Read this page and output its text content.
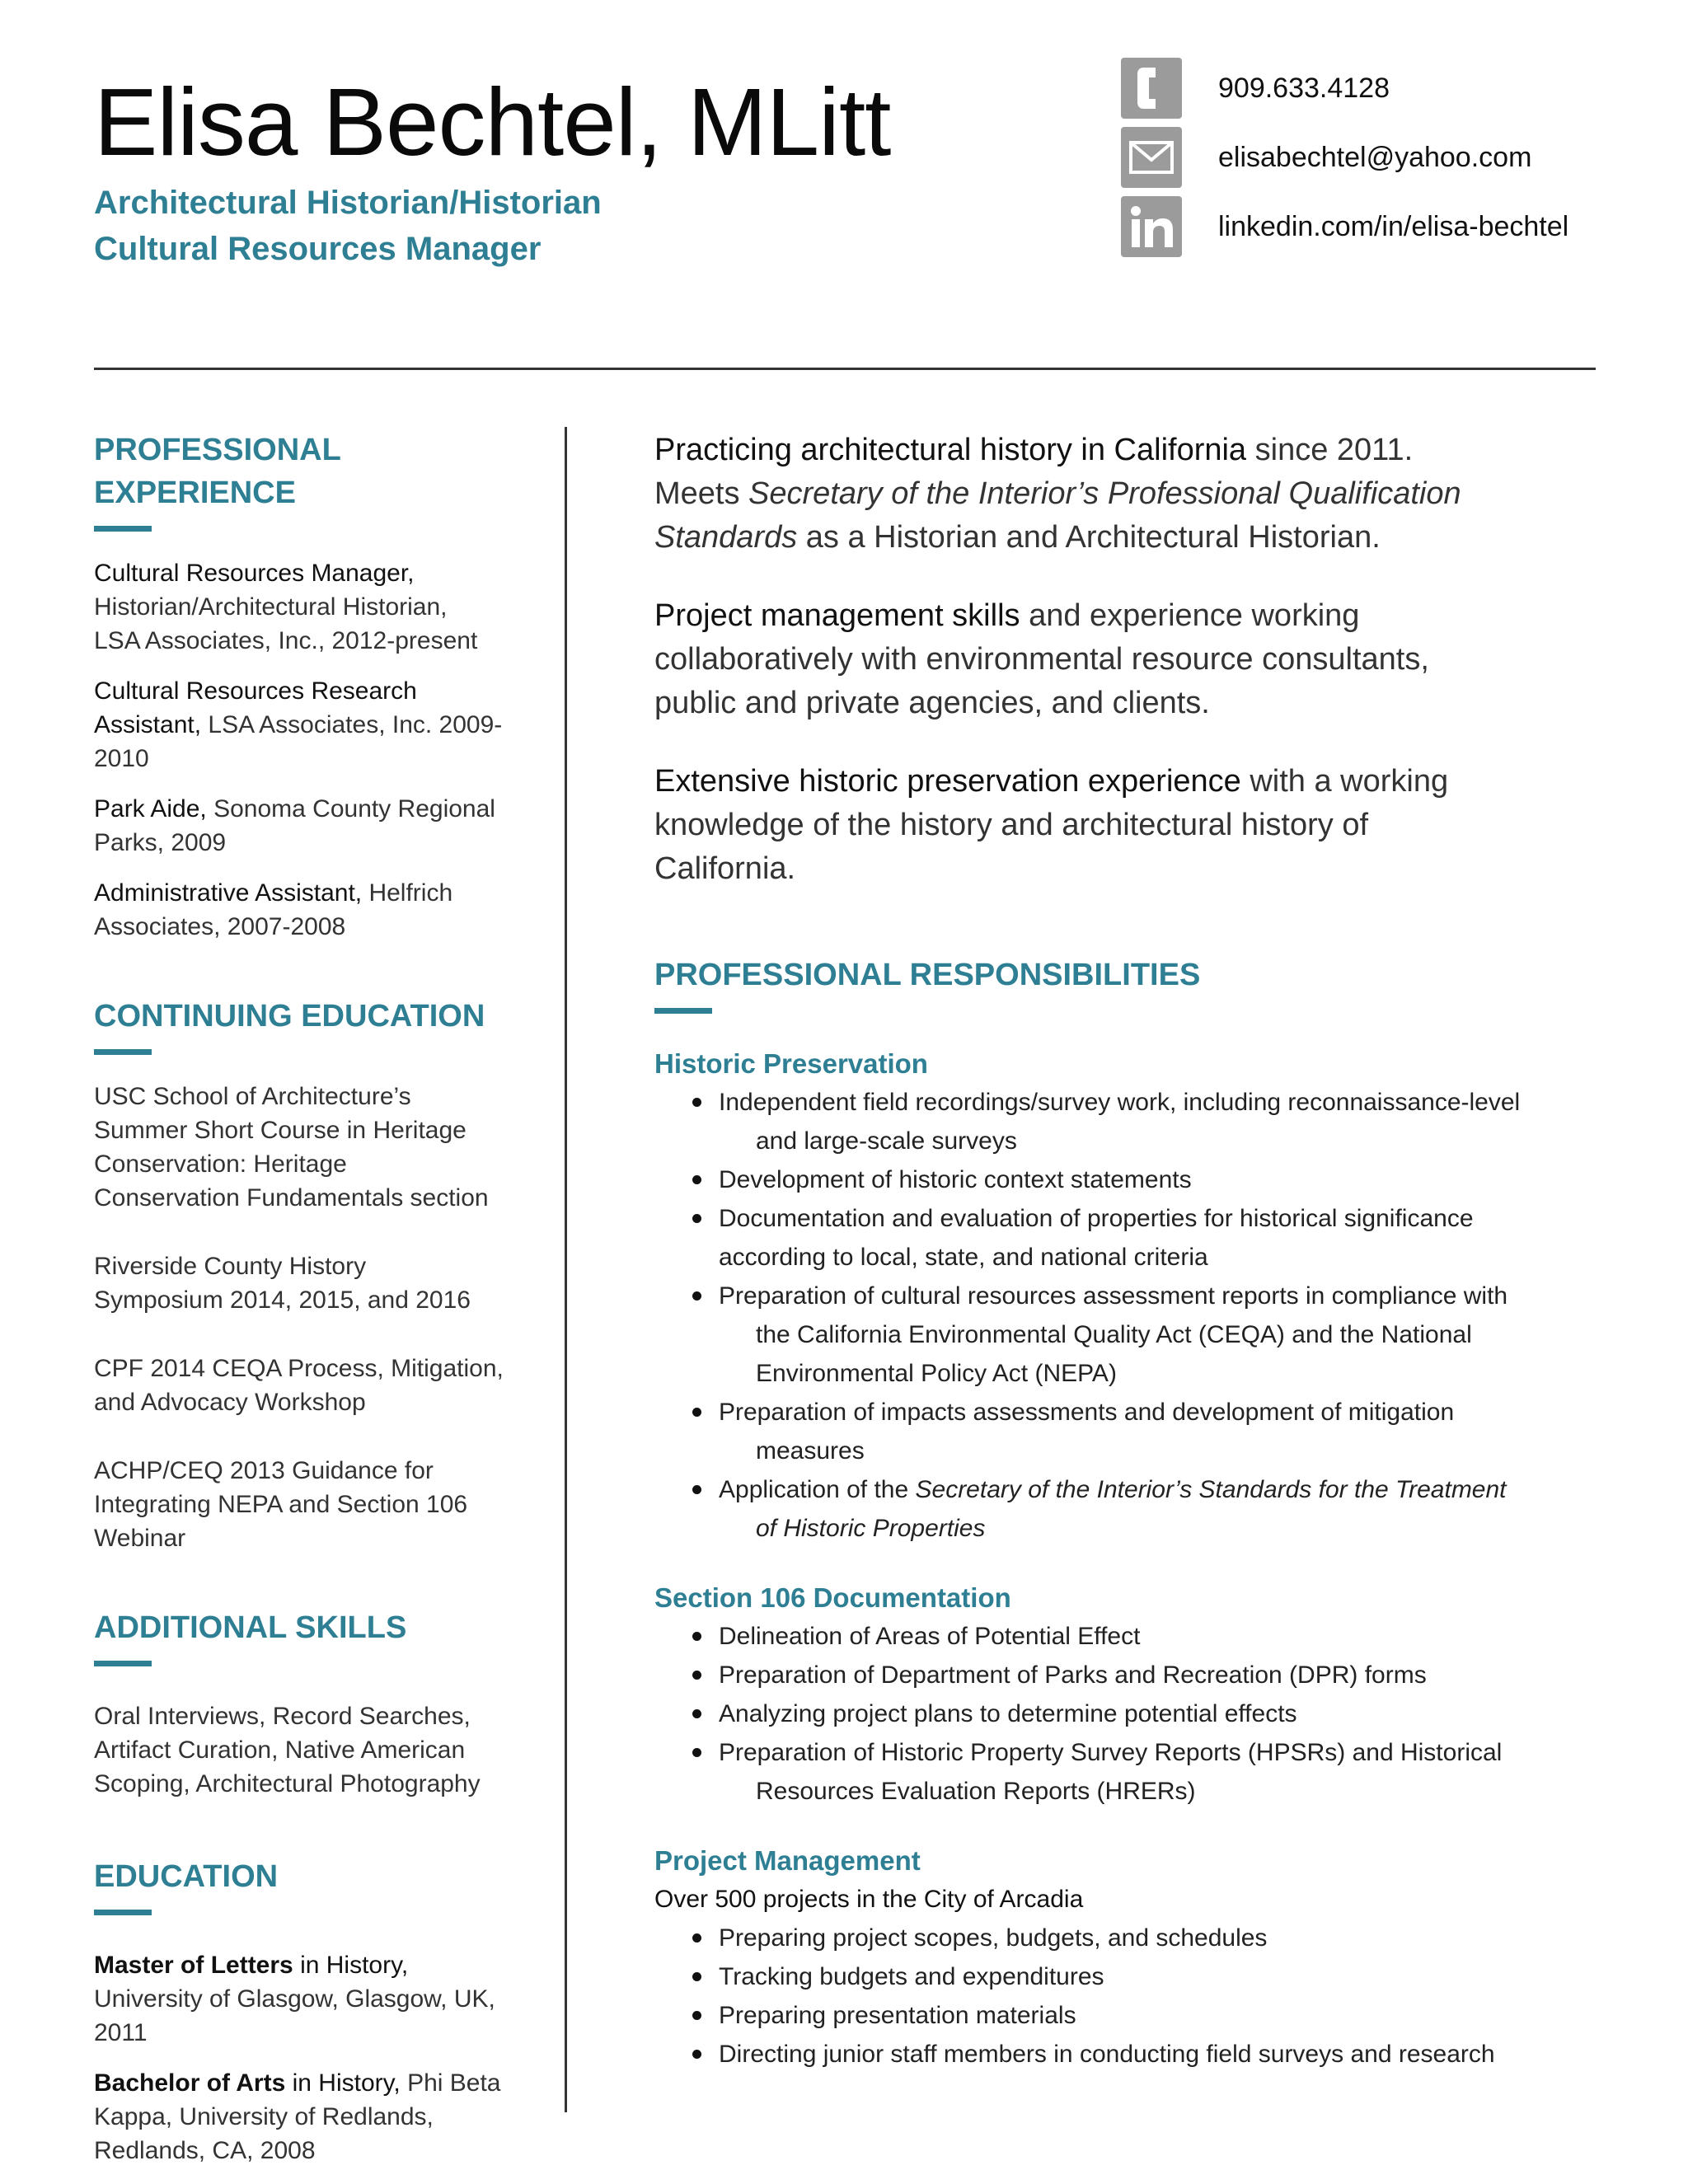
Elisa Bechtel, MLitt
Architectural Historian/Historian
Cultural Resources Manager
909.633.4128
elisabechtel@yahoo.com
linkedin.com/in/elisa-bechtel
PROFESSIONAL EXPERIENCE

Cultural Resources Manager,

Historian/Architectural Historian,

LSA Associates, Inc., 2012-present

Cultural Resources Research

Assistant, LSA Associates, Inc. 2009-

2010

Park Aide, Sonoma County Regional

Parks, 2009

Administrative Assistant, Helfrich

Associates, 2007-2008

CONTINUING EDUCATION

USC School of Architecture’s

Summer Short Course in Heritage

Conservation: Heritage

Conservation Fundamentals section

Riverside County History

Symposium 2014, 2015, and 2016

CPF 2014 CEQA Process, Mitigation,

and Advocacy Workshop

ACHP/CEQ 2013 Guidance for

Integrating NEPA and Section 106

Webinar

ADDITIONAL SKILLS

Oral Interviews, Record Searches,

Artifact Curation, Native American

Scoping, Architectural Photography

EDUCATION

Master of Letters in History,

University of Glasgow, Glasgow, UK,

2011

Bachelor of Arts in History, Phi Beta

Kappa, University of Redlands,

Redlands, CA, 2008

Practicing architectural history in California since 2011.

Meets Secretary of the Interior’s Professional Qualification

Standards as a Historian and Architectural Historian.

Project management skills and experience working

collaboratively with environmental resource consultants,

public and private agencies, and clients.

Extensive historic preservation experience with a working

knowledge of the history and architectural history of

California.

PROFESSIONAL RESPONSIBILITIES
Historic Preservation
Independent field recordings/survey work, including reconnaissance-level
and large-scale surveys
Development of historic context statements
Documentation and evaluation of properties for historical significance
according to local, state, and national criteria
Preparation of cultural resources assessment reports in compliance with
the California Environmental Quality Act (CEQA) and the National
Environmental Policy Act (NEPA)
Preparation of impacts assessments and development of mitigation
measures
Application of the Secretary of the Interior’s Standards for the Treatment
of Historic Properties
Section 106 Documentation
Delineation of Areas of Potential Effect
Preparation of Department of Parks and Recreation (DPR) forms
Analyzing project plans to determine potential effects
Preparation of Historic Property Survey Reports (HPSRs) and Historical
Resources Evaluation Reports (HRERs)
Project Management

Over 500 projects in the City of Arcadia

Preparing project scopes, budgets, and schedules
Tracking budgets and expenditures
Preparing presentation materials
Directing junior staff members in conducting field surveys and research
